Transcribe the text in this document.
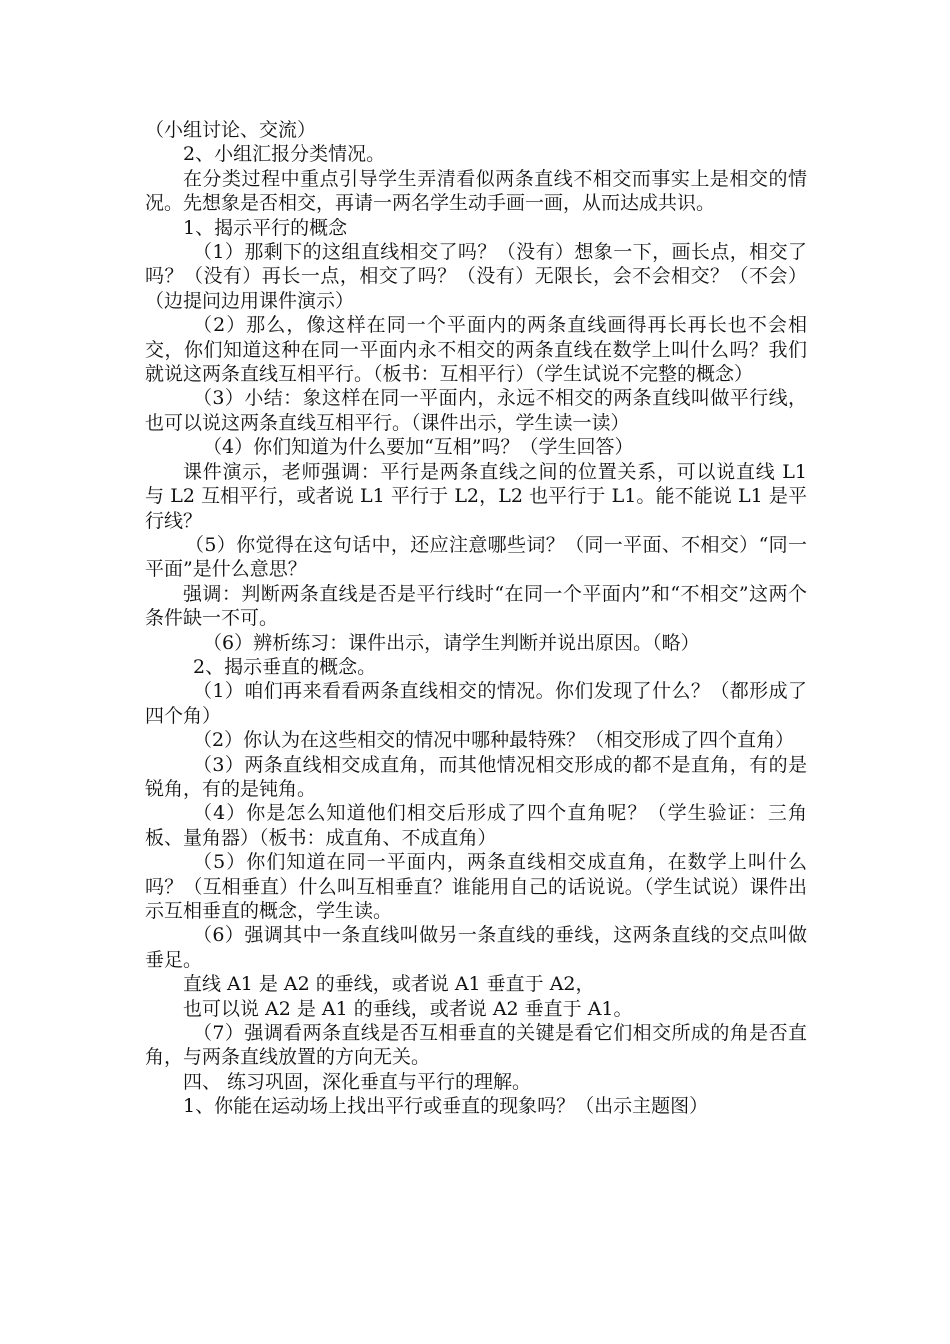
（小组讨论、交流）

2、小组汇报分类情况。

在分类过程中重点引导学生弄清看似两条直线不相交而事实上是相交的情况。先想象是否相交，再请一两名学生动手画一画，从而达成共识。

1、揭示平行的概念

（1）那剩下的这组直线相交了吗？（没有）想象一下，画长点，相交了吗？（没有）再长一点，相交了吗？（没有）无限长，会不会相交？（不会）（边提问边用课件演示）

（2）那么，像这样在同一个平面内的两条直线画得再长再长也不会相交，你们知道这种在同一平面内永不相交的两条直线在数学上叫什么吗？我们就说这两条直线互相平行。（板书：互相平行）（学生试说不完整的概念）

（3）小结：象这样在同一平面内，永远不相交的两条直线叫做平行线，也可以说这两条直线互相平行。（课件出示，学生读一读）

（4）你们知道为什么要加“互相”吗？（学生回答）

课件演示，老师强调：平行是两条直线之间的位置关系，可以说直线 L1 与 L2 互相平行，或者说 L1 平行于 L2，L2 也平行于 L1。能不能说 L1 是平行线？

（5）你觉得在这句话中，还应注意哪些词？（同一平面、不相交）“同一平面”是什么意思？

强调：判断两条直线是否是平行线时“在同一个平面内”和“不相交”这两个条件缺一不可。

（6）辨析练习：课件出示，请学生判断并说出原因。（略）

2、揭示垂直的概念。

（1）咱们再来看看两条直线相交的情况。你们发现了什么？（都形成了四个角）

（2）你认为在这些相交的情况中哪种最特殊？（相交形成了四个直角）

（3）两条直线相交成直角，而其他情况相交形成的都不是直角，有的是锐角，有的是钝角。

（4）你是怎么知道他们相交后形成了四个直角呢？（学生验证：三角板、量角器）（板书：成直角、不成直角）

（5）你们知道在同一平面内，两条直线相交成直角，在数学上叫什么吗？（互相垂直）什么叫互相垂直？谁能用自己的话说说。（学生试说）课件出示互相垂直的概念，学生读。

（6）强调其中一条直线叫做另一条直线的垂线，这两条直线的交点叫做垂足。

直线 A1 是 A2 的垂线，或者说 A1 垂直于 A2，

也可以说 A2 是 A1 的垂线，或者说 A2 垂直于 A1。

（7）强调看两条直线是否互相垂直的关键是看它们相交所成的角是否直角，与两条直线放置的方向无关。

四、 练习巩固，深化垂直与平行的理解。

1、你能在运动场上找出平行或垂直的现象吗？（出示主题图）
